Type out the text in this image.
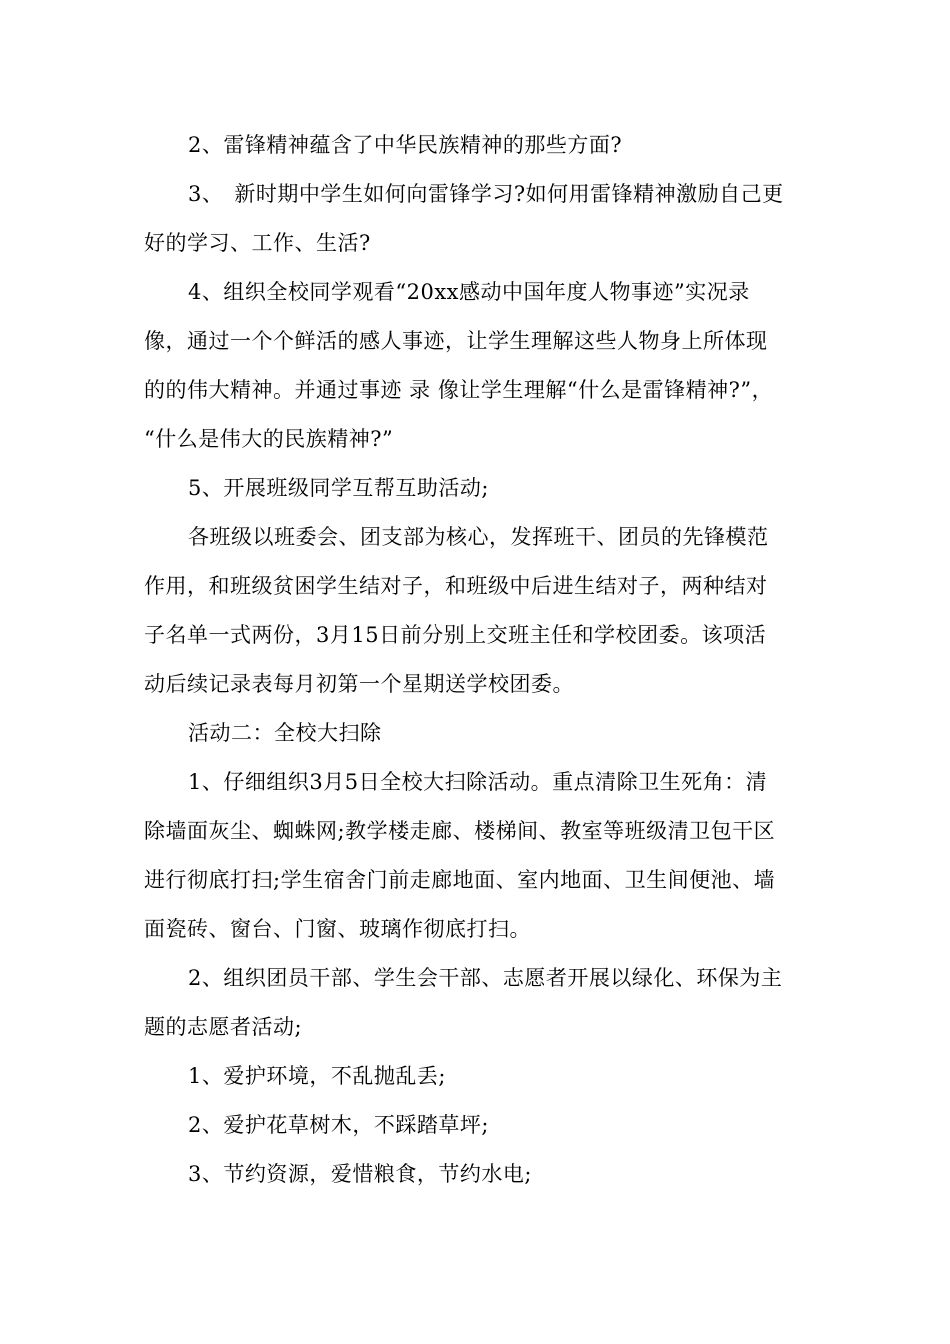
2、雷锋精神蕴含了中华民族精神的那些方面?
3、　新时期中学生如何向雷锋学习?如何用雷锋精神激励自己更
好的学习、工作、生活?
4、组织全校同学观看“20xx感动中国年度人物事迹”实况录
像，通过一个个鲜活的感人事迹，让学生理解这些人物身上所体现
的的伟大精神。并通过事迹 录 像让学生理解“什么是雷锋精神?”，
“什么是伟大的民族精神?”
5、开展班级同学互帮互助活动;
各班级以班委会、团支部为核心，发挥班干、团员的先锋模范
作用，和班级贫困学生结对子，和班级中后进生结对子，两种结对
子名单一式两份，3月15日前分别上交班主任和学校团委。该项活
动后续记录表每月初第一个星期送学校团委。
活动二：全校大扫除
1、仔细组织3月5日全校大扫除活动。重点清除卫生死角：清
除墙面灰尘、蜘蛛网;教学楼走廊、楼梯间、教室等班级清卫包干区
进行彻底打扫;学生宿舍门前走廊地面、室内地面、卫生间便池、墙
面瓷砖、窗台、门窗、玻璃作彻底打扫。
2、组织团员干部、学生会干部、志愿者开展以绿化、环保为主
题的志愿者活动;
1、爱护环境，不乱抛乱丢;
2、爱护花草树木，不踩踏草坪;
3、节约资源，爱惜粮食，节约水电;
